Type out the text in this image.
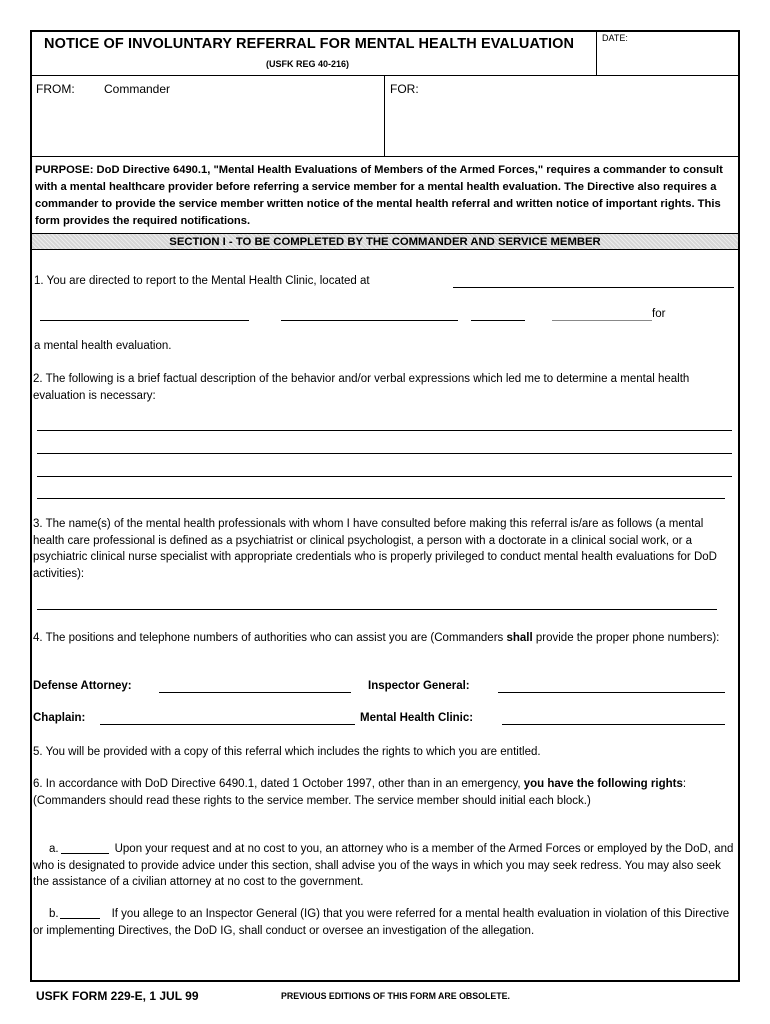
NOTICE OF INVOLUNTARY REFERRAL FOR MENTAL HEALTH EVALUATION
(USFK REG 40-216)
DATE:
FROM: Commander	FOR:
PURPOSE: DoD Directive 6490.1, "Mental Health Evaluations of Members of the Armed Forces," requires a commander to consult with a mental healthcare provider before referring a service member for a mental health evaluation. The Directive also requires a commander to provide the service member written notice of the mental health referral and written notice of important rights. This form provides the required notifications.
SECTION I - TO BE COMPLETED BY THE COMMANDER AND SERVICE MEMBER
1. You are directed to report to the Mental Health Clinic, located at
for
a mental health evaluation.
2. The following is a brief factual description of the behavior and/or verbal expressions which led me to determine a mental health evaluation is necessary:
3. The name(s) of the mental health professionals with whom I have consulted before making this referral is/are as follows (a mental health care professional is defined as a psychiatrist or clinical psychologist, a person with a doctorate in a clinical social work, or a psychiatric clinical nurse specialist with appropriate credentials who is properly privileged to conduct mental health evaluations for DoD activities):
4. The positions and telephone numbers of authorities who can assist you are (Commanders shall provide the proper phone numbers):
Defense Attorney:	Inspector General:
Chaplain:	Mental Health Clinic:
5. You will be provided with a copy of this referral which includes the rights to which you are entitled.
6. In accordance with DoD Directive 6490.1, dated 1 October 1997, other than in an emergency, you have the following rights: (Commanders should read these rights to the service member. The service member should initial each block.)
a.	Upon your request and at no cost to you, an attorney who is a member of the Armed Forces or employed by the DoD, and who is designated to provide advice under this section, shall advise you of the ways in which you may seek redress. You may also seek the assistance of a civilian attorney at no cost to the government.
b.	If you allege to an Inspector General (IG) that you were referred for a mental health evaluation in violation of this Directive or implementing Directives, the DoD IG, shall conduct or oversee an investigation of the allegation.
USFK FORM 229-E, 1 JUL 99	PREVIOUS EDITIONS OF THIS FORM ARE OBSOLETE.
